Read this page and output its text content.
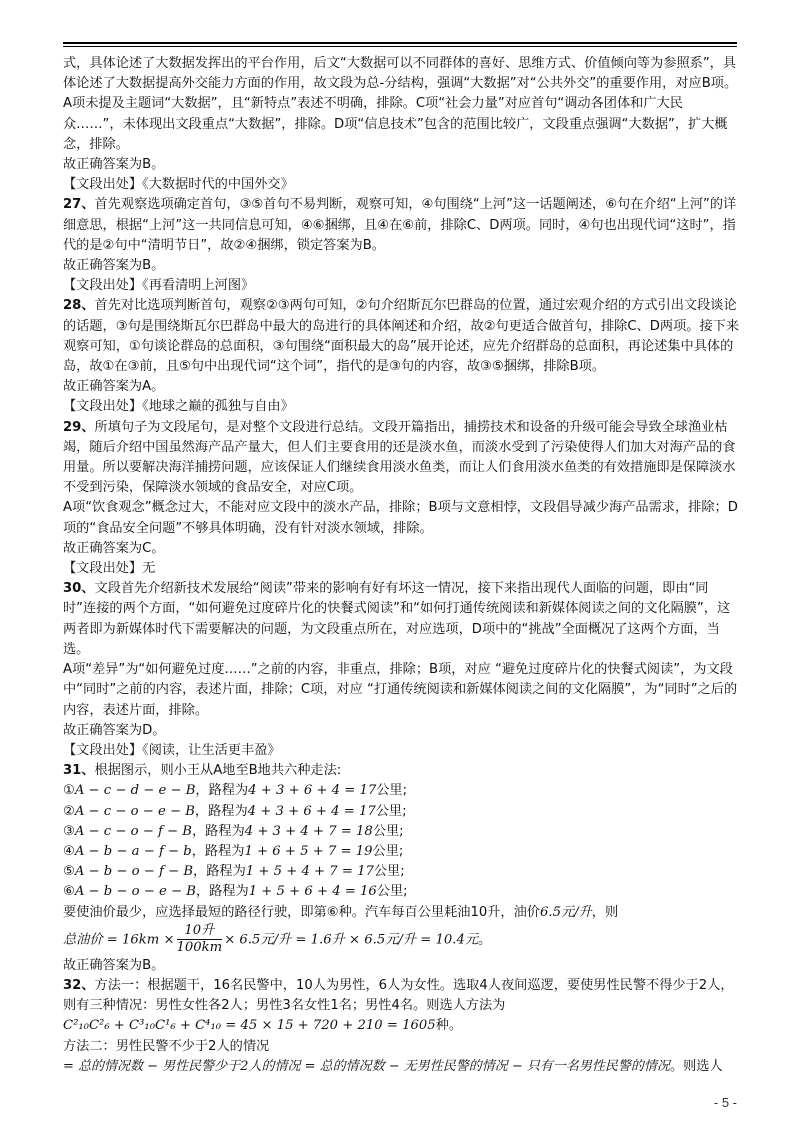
式，具体论述了大数据发挥出的平台作用，后文“大数据可以不同群体的喜好、思维方式、价值倾向等为参照系”，具体论述了大数据提高外交能力方面的作用，故文段为总-分结构，强调“大数据”对“公共外交”的重要作用，对应B项。

A项未提及主题词“大数据”，且“新特点”表述不明确，排除。C项“社会力量”对应首句“调动各团体和广大民众……”，未体现出文段重点“大数据”，排除。D项“信息技术”包含的范围比较广，文段重点强调“大数据”，扩大概念，排除。

故正确答案为B。

【文段出处】《大数据时代的中国外交》

27、首先观察选项确定首句，③⑤首句不易判断，观察可知，④句围绕“上河”这一话题阐述，⑥句在介绍“上河”的详细意思，根据“上河”这一共同信息可知，④⑥捆绑，且④在⑥前，排除C、D两项。同时，④句也出现代词“这时”，指代的是②句中“清明节日”，故②④捆绑，锁定答案为B。

故正确答案为B。

【文段出处】《再看清明上河图》

28、首先对比选项判断首句，观察②③两句可知，②句介绍斯瓦尔巴群岛的位置，通过宏观介绍的方式引出文段谈论的话题，③句是围绕斯瓦尔巴群岛中最大的岛进行的具体阐述和介绍，故②句更适合做首句，排除C、D两项。接下来观察可知，①句谈论群岛的总面积，③句围绕“面积最大的岛”展开论述，应先介绍群岛的总面积，再论述集中具体的岛，故①在③前，且⑤句中出现代词“这个词”，指代的是③句的内容，故③⑤捆绑，排除B项。

故正确答案为A。

【文段出处】《地球之巅的孤独与自由》

29、所填句子为文段尾句，是对整个文段进行总结。文段开篇指出，捕捞技术和设备的升级可能会导致全球渔业枯竭，随后介绍中国虽然海产品产量大，但人们主要食用的还是淡水鱼，而淡水受到了污染使得人们加大对海产品的食用量。所以要解决海洋捕捞问题，应该保证人们继续食用淡水鱼类，而让人们食用淡水鱼类的有效措施即是保障淡水不受到污染，保障淡水领域的食品安全，对应C项。

A项“饮食观念”概念过大，不能对应文段中的淡水产品，排除；B项与文意相悖，文段倡导减少海产品需求，排除；D项的“食品安全问题”不够具体明确，没有针对淡水领域，排除。

故正确答案为C。

【文段出处】无

30、文段首先介绍新技术发展给“阅读”带来的影响有好有坏这一情况，接下来指出现代人面临的问题，即由“同时”连接的两个方面，“如何避免过度碎片化的快餐式阅读”和“如何打通传统阅读和新媒体阅读之间的文化隔膜”，这两者即为新媒体时代下需要解决的问题，为文段重点所在，对应选项，D项中的“挑战”全面概况了这两个方面，当选。

A项“差异”为“如何避免过度……”之前的内容，非重点，排除；B项，对应 “避免过度碎片化的快餐式阅读”，为文段中“同时”之前的内容，表述片面，排除；C项，对应 “打通传统阅读和新媒体阅读之间的文化隔膜”，为“同时”之后的内容，表述片面，排除。

故正确答案为D。

【文段出处】《阅读，让生活更丰盈》

31、根据图示，则小王从A地至B地共六种走法:

①A − c − d − e − B，路程为4 + 3 + 6 + 4 = 17公里;
②A − c − o − e − B，路程为4 + 3 + 6 + 4 = 17公里;
③A − c − o − f − B，路程为4 + 3 + 4 + 7 = 18公里;
④A − b − a − f − b，路程为1 + 6 + 5 + 7 = 19公里;
⑤A − b − o − f − B，路程为1 + 5 + 4 + 7 = 17公里;
⑥A − b − o − e − B，路程为1 + 5 + 6 + 4 = 16公里;

要使油价最少，应选择最短的路径行驶，即第⑥种。汽车每百公里耗油10升，油价6.5元/升，则

总油价 = $16km \times \frac{\text{10升}}{100km} \times 6.5$元/升 = 1.6升 × 6.5元/升 = 10.4元。

故正确答案为B。

32、方法一：根据题干，16名民警中，10人为男性，6人为女性。选取4人夜间巡逻，要使男性民警不得少于2人，则有三种情况：男性女性各2人；男性3名女性1名；男性4名。则选人方法为

C²₁₀C²₆ + C³₁₀C¹₆ + C⁴₁₀ = 45 × 15 + 720 + 210 = 1605种。

方法二：男性民警不少于2人的情况

= 总的情况数 − 男性民警少于2人的情况 = 总的情况数 − 无男性民警的情况 − 只有一名男性民警的情况。则选人

- 5 -
